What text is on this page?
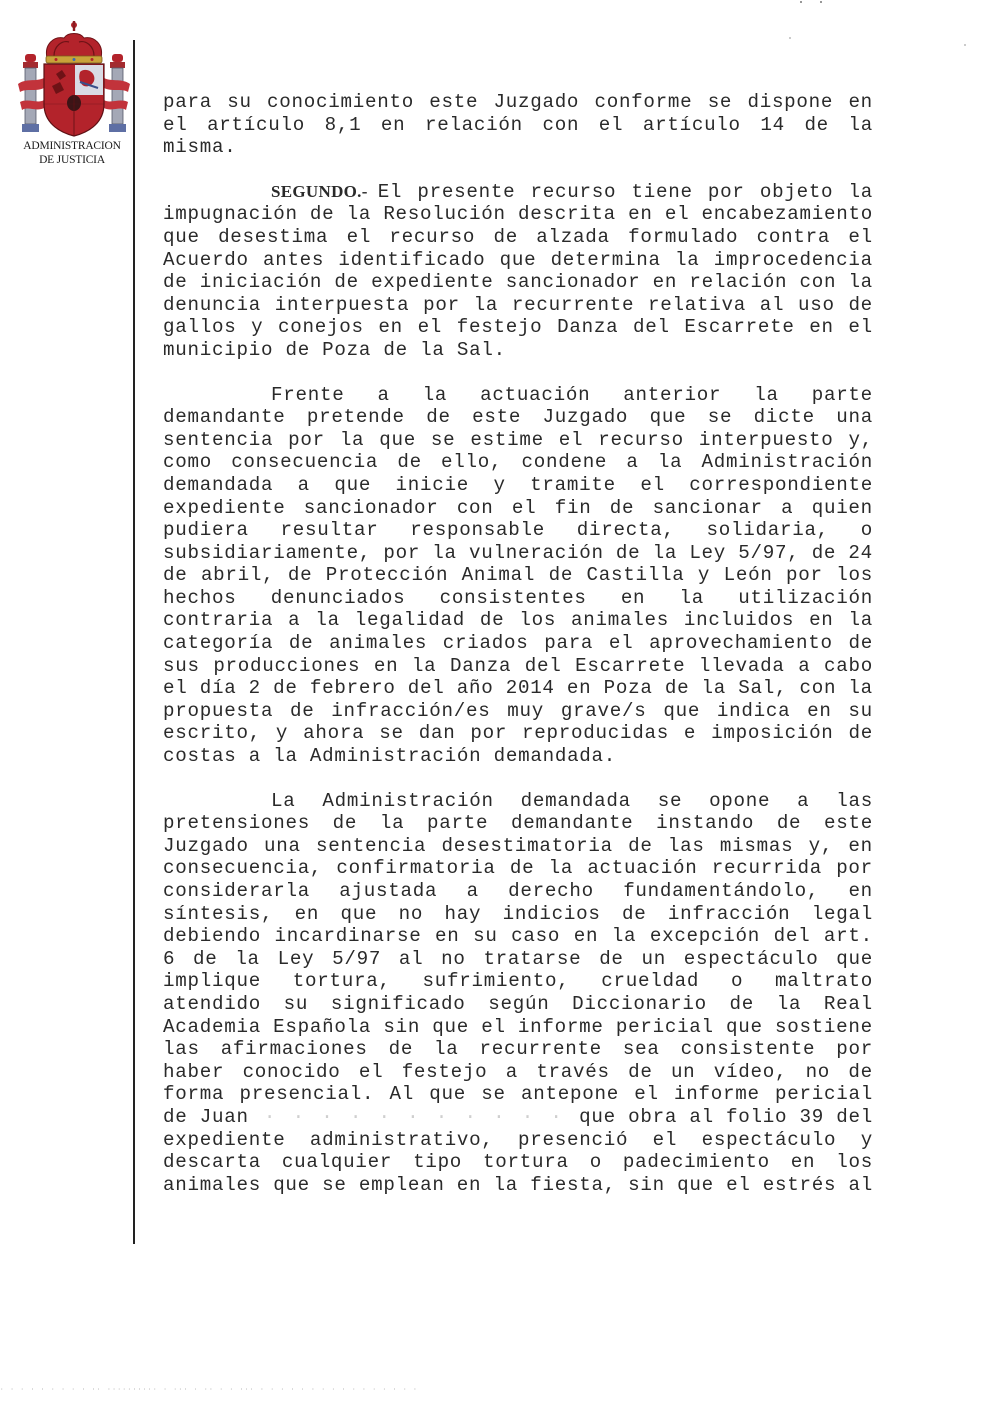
ADMINISTRACION
DE JUSTICIA
para su conocimiento este Juzgado conforme se dispone en
el artículo 8,1 en relación con el artículo 14 de la
misma.
SEGUNDO.- El presente recurso tiene por objeto la
impugnación de la Resolución descrita en el encabezamiento
que desestima el recurso de alzada formulado contra el
Acuerdo antes identificado que determina la improcedencia
de iniciación de expediente sancionador en relación con la
denuncia interpuesta por la recurrente relativa al uso de
gallos y conejos en el festejo Danza del Escarrete en el
municipio de Poza de la Sal.
Frente a la actuación anterior la parte
demandante pretende de este Juzgado que se dicte una
sentencia por la que se estime el recurso interpuesto y,
como consecuencia de ello, condene a la Administración
demandada a que inicie y tramite el correspondiente
expediente sancionador con el fin de sancionar a quien
pudiera resultar responsable directa, solidaria, o
subsidiariamente, por la vulneración de la Ley 5/97, de 24
de abril, de Protección Animal de Castilla y León por los
hechos denunciados consistentes en la utilización
contraria a la legalidad de los animales incluidos en la
categoría de animales criados para el aprovechamiento de
sus producciones en la Danza del Escarrete llevada a cabo
el día 2 de febrero del año 2014 en Poza de la Sal, con la
propuesta de infracción/es muy grave/s que indica en su
escrito, y ahora se dan por reproducidas e imposición de
costas a la Administración demandada.
La Administración demandada se opone a las
pretensiones de la parte demandante instando de este
Juzgado una sentencia desestimatoria de las mismas y, en
consecuencia, confirmatoria de la actuación recurrida por
considerarla ajustada a derecho fundamentándolo, en
síntesis, en que no hay indicios de infracción legal
debiendo incardinarse en su caso en la excepción del art.
6 de la Ley 5/97 al no tratarse de un espectáculo que
implique tortura, sufrimiento, crueldad o maltrato
atendido su significado según Diccionario de la Real
Academia Española sin que el informe pericial que sostiene
las afirmaciones de la recurrente sea consistente por
haber conocido el festejo a través de un vídeo, no de
forma presencial. Al que se antepone el informe pericial
de Juan · · · · · · · · · · · que obra al folio 39 del
expediente administrativo, presenció el espectáculo y
descarta cualquier tipo tortura o padecimiento en los
animales que se emplean en la fiesta, sin que el estrés al
· · · · · · · · · ·· ·········· · ··· · ·· · · ··· · · · · · · · · · · · · · · · ·
